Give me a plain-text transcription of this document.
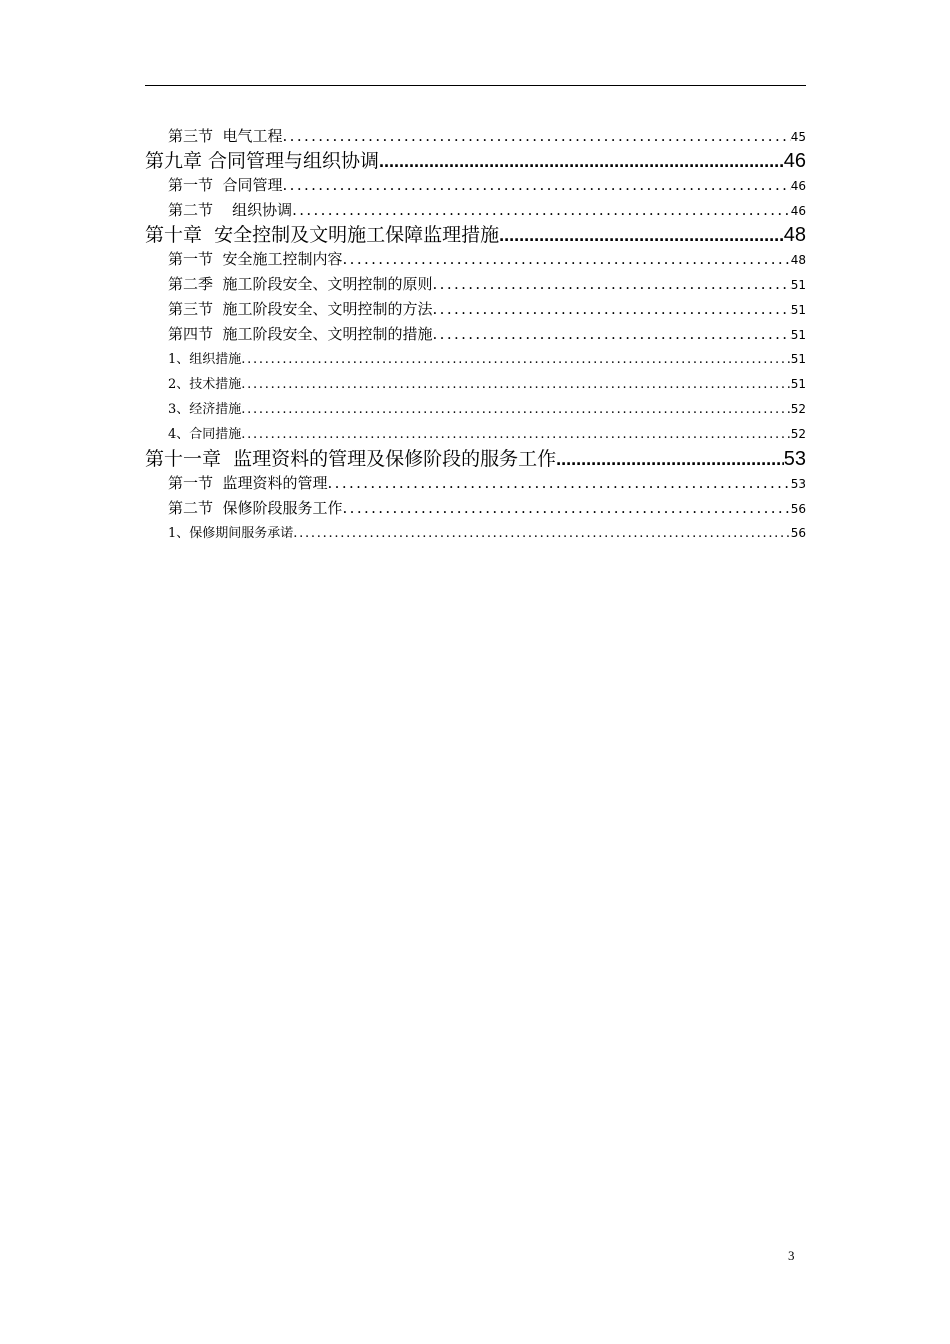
第三节  电气工程 . . .	45
第九章 合同管理与组织协调 .....	46
第一节  合同管理 . . .	46
第二节    组织协调 . . .	46
第十章  安全控制及文明施工保障监理措施 .....	48
第一节  安全施工控制内容 . . .	48
第二季  施工阶段安全、文明控制的原则 . . .	51
第三节  施工阶段安全、文明控制的方法 . . .	51
第四节  施工阶段安全、文明控制的措施 . . .	51
1、组织措施 . . .	51
2、技术措施 . . .	51
3、经济措施 . . .	52
4、合同措施 . . .	52
第十一章  监理资料的管理及保修阶段的服务工作 .....	53
第一节  监理资料的管理 . . .	53
第二节  保修阶段服务工作 . . .	56
1、保修期间服务承诺 . . .	56
3
